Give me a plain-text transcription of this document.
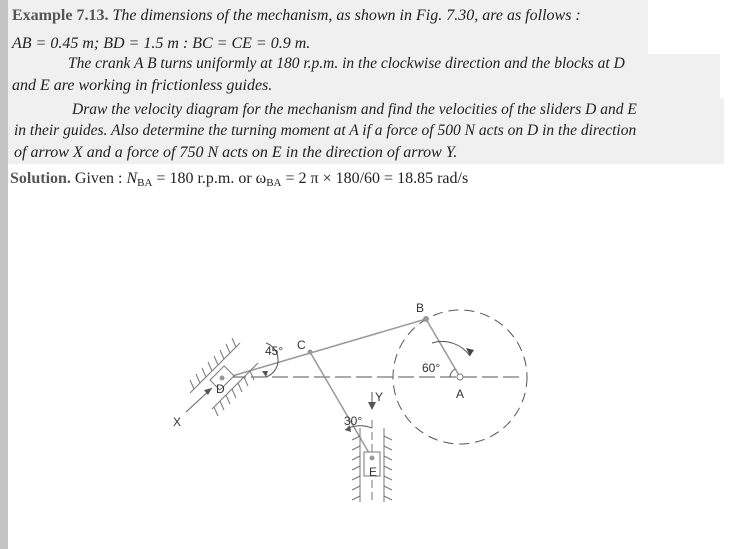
Example 7.13. The dimensions of the mechanism, as shown in Fig. 7.30, are as follows :
AB = 0.45 m; BD = 1.5 m : BC = CE = 0.9 m.
The crank A B turns uniformly at 180 r.p.m. in the clockwise direction and the blocks at D
and E are working in frictionless guides.
Draw the velocity diagram for the mechanism and find the velocities of the sliders D and E
in their guides. Also determine the turning moment at A if a force of 500 N acts on D in the direction
of arrow X and a force of 750 N acts on E in the direction of arrow Y.
Solution. Given : $N_{BA} = 180$ r.p.m. or $\omega_{BA} = 2$ π × 180/60 = 18.85 rad/s
B
C
D
E
A
X
Y
45°
60°
30°
